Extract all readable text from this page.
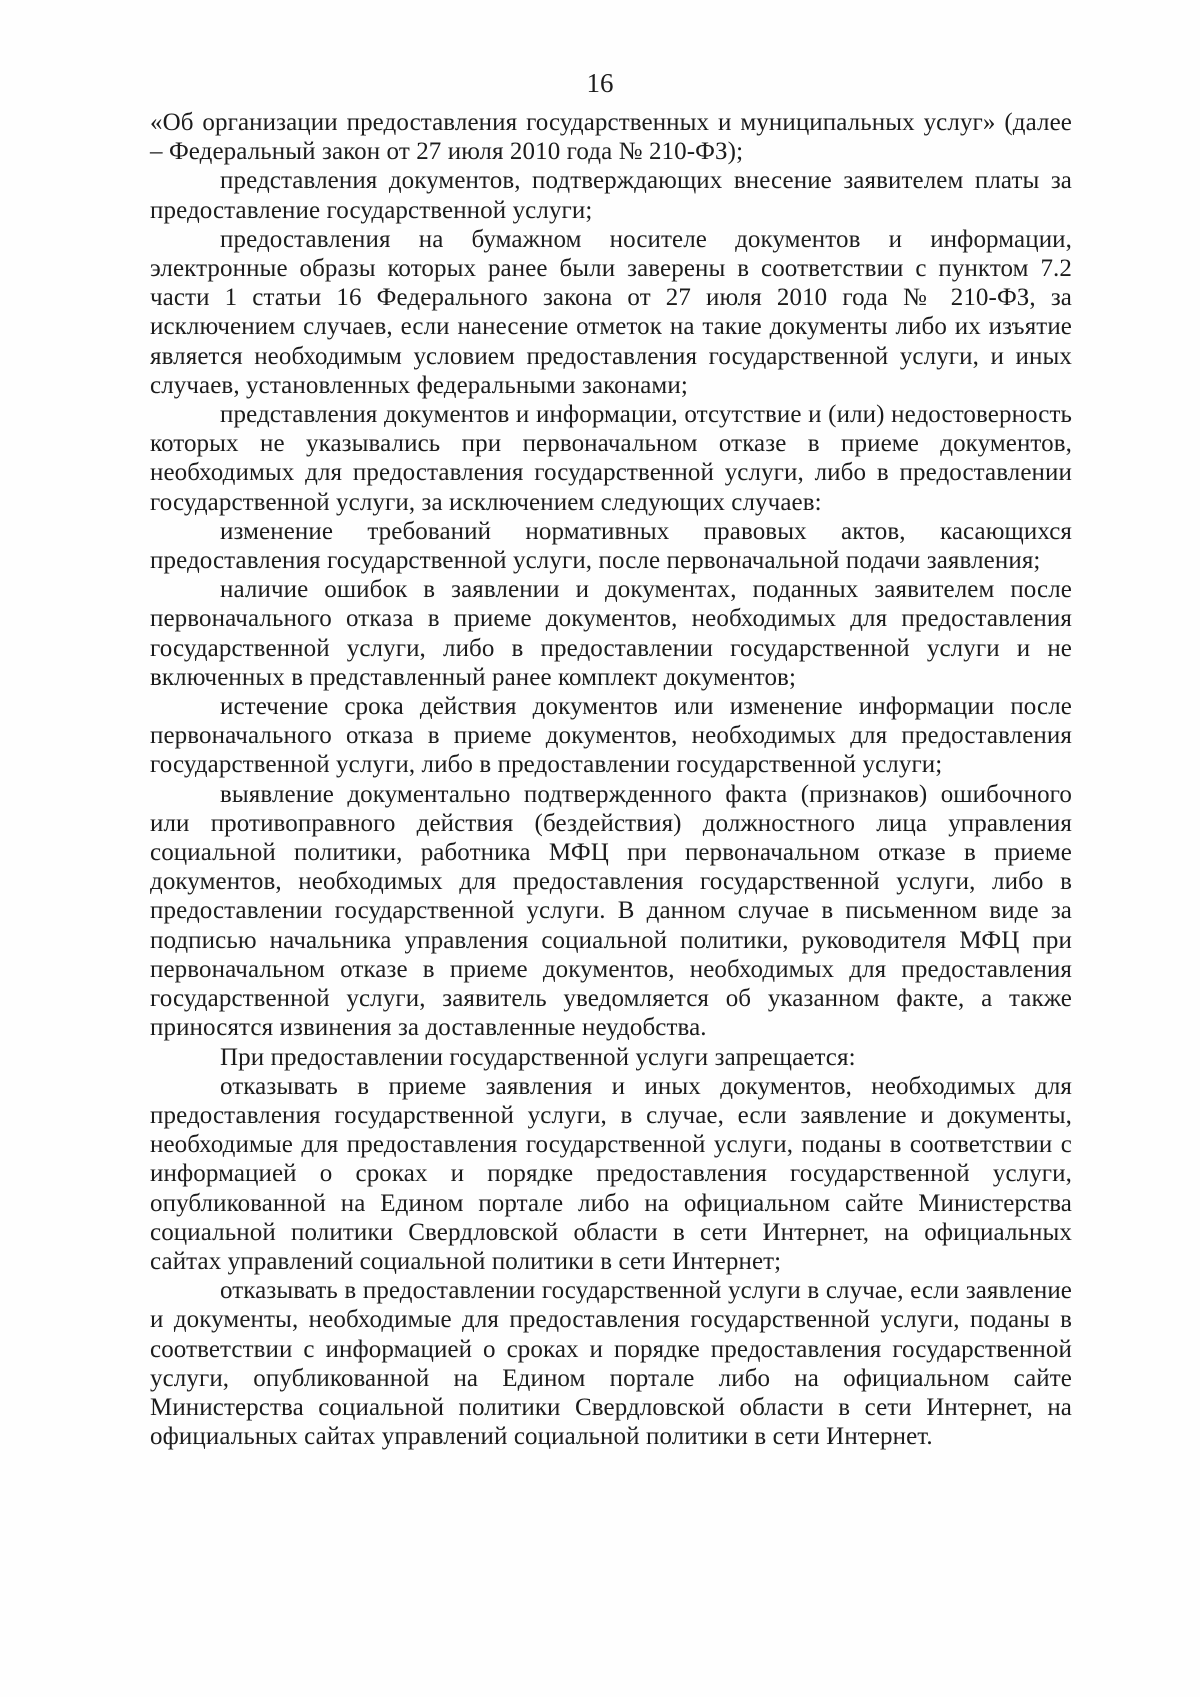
16

«Об организации предоставления государственных и муниципальных услуг» (далее – Федеральный закон от 27 июля 2010 года № 210-ФЗ);

представления документов, подтверждающих внесение заявителем платы за предоставление государственной услуги;

предоставления на бумажном носителе документов и информации, электронные образы которых ранее были заверены в соответствии с пунктом 7.2 части 1 статьи 16 Федерального закона от 27 июля 2010 года № 210-ФЗ, за исключением случаев, если нанесение отметок на такие документы либо их изъятие является необходимым условием предоставления государственной услуги, и иных случаев, установленных федеральными законами;

представления документов и информации, отсутствие и (или) недостоверность которых не указывались при первоначальном отказе в приеме документов, необходимых для предоставления государственной услуги, либо в предоставлении государственной услуги, за исключением следующих случаев:

изменение требований нормативных правовых актов, касающихся предоставления государственной услуги, после первоначальной подачи заявления;

наличие ошибок в заявлении и документах, поданных заявителем после первоначального отказа в приеме документов, необходимых для предоставления государственной услуги, либо в предоставлении государственной услуги и не включенных в представленный ранее комплект документов;

истечение срока действия документов или изменение информации после первоначального отказа в приеме документов, необходимых для предоставления государственной услуги, либо в предоставлении государственной услуги;

выявление документально подтвержденного факта (признаков) ошибочного или противоправного действия (бездействия) должностного лица управления социальной политики, работника МФЦ при первоначальном отказе в приеме документов, необходимых для предоставления государственной услуги, либо в предоставлении государственной услуги. В данном случае в письменном виде за подписью начальника управления социальной политики, руководителя МФЦ при первоначальном отказе в приеме документов, необходимых для предоставления государственной услуги, заявитель уведомляется об указанном факте, а также приносятся извинения за доставленные неудобства.

При предоставлении государственной услуги запрещается:

отказывать в приеме заявления и иных документов, необходимых для предоставления государственной услуги, в случае, если заявление и документы, необходимые для предоставления государственной услуги, поданы в соответствии с информацией о сроках и порядке предоставления государственной услуги, опубликованной на Едином портале либо на официальном сайте Министерства социальной политики Свердловской области в сети Интернет, на официальных сайтах управлений социальной политики в сети Интернет;

отказывать в предоставлении государственной услуги в случае, если заявление и документы, необходимые для предоставления государственной услуги, поданы в соответствии с информацией о сроках и порядке предоставления государственной услуги, опубликованной на Едином портале либо на официальном сайте Министерства социальной политики Свердловской области в сети Интернет, на официальных сайтах управлений социальной политики в сети Интернет.
